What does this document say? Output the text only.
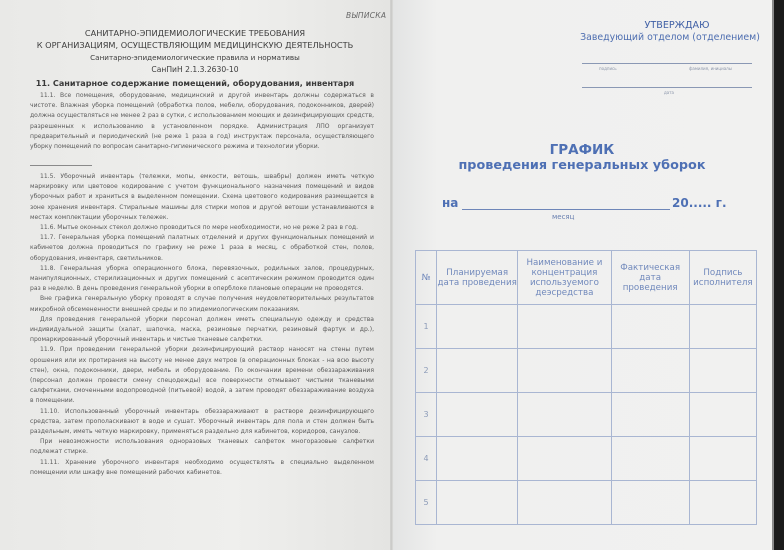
ВЫПИСКА
САНИТАРНО-ЭПИДЕМИОЛОГИЧЕСКИЕ ТРЕБОВАНИЯ
К ОРГАНИЗАЦИЯМ, ОСУЩЕСТВЛЯЮЩИМ МЕДИЦИНСКУЮ ДЕЯТЕЛЬНОСТЬ
Санитарно-эпидемиологические правила и нормативы
СанПиН 2.1.3.2630-10
11. Санитарное содержание помещений, оборудования, инвентаря

11.1. Все помещения, оборудование, медицинский и другой инвентарь должны содержаться в чистоте. Влажная уборка помещений (обработка полов, мебели, оборудования, подоконников, дверей) должна осуществляться не менее 2 раз в сутки, с использованием моющих и дезинфицирующих средств, разрешенных к использованию в установленном порядке. Администрация ЛПО организует предварительный и периодический (не реже 1 раза в год) инструктаж персонала, осуществляющего уборку помещений по вопросам санитарно-гигиенического режима и технологии уборки.

11.5. Уборочный инвентарь (тележки, мопы, емкости, ветошь, швабры) должен иметь четкую маркировку или цветовое кодирование с учетом функционального назначения помещений и видов уборочных работ и храниться в выделенном помещении. Схема цветового кодирования размещается в зоне хранения инвентаря. Стиральные машины для стирки мопов и другой ветоши устанавливаются в местах комплектации уборочных тележек.

11.6. Мытье оконных стекол должно проводиться по мере необходимости, но не реже 2 раз в год.

11.7. Генеральная уборка помещений палатных отделений и других функциональных помещений и кабинетов должна проводиться по графику не реже 1 раза в месяц, с обработкой стен, полов, оборудования, инвентаря, светильников.

11.8. Генеральная уборка операционного блока, перевязочных, родильных залов, процедурных, манипуляционных, стерилизационных и других помещений с асептическим режимом проводится один раз в неделю. В день проведения генеральной уборки в оперблоке плановые операции не проводятся.

Вне графика генеральную уборку проводят в случае получения неудовлетворительных результатов микробной обсемененности внешней среды и по эпидемиологическим показаниям.

Для проведения генеральной уборки персонал должен иметь специальную одежду и средства индивидуальной защиты (халат, шапочка, маска, резиновые перчатки, резиновый фартук и др.), промаркированный уборочный инвентарь и чистые тканевые салфетки.

11.9. При проведении генеральной уборки дезинфицирующий раствор наносят на стены путем орошения или их протирания на высоту не менее двух метров (в операционных блоках - на всю высоту стен), окна, подоконники, двери, мебель и оборудование. По окончании времени обеззараживания (персонал должен провести смену спецодежды) все поверхности отмывают чистыми тканевыми салфетками, смоченными водопроводной (питьевой) водой, а затем проводят обеззараживание воздуха в помещении.

11.10. Использованный уборочный инвентарь обеззараживают в растворе дезинфицирующего средства, затем прополаскивают в воде и сушат. Уборочный инвентарь для пола и стен должен быть раздельным, иметь четкую маркировку, применяться раздельно для кабинетов, коридоров, санузлов.

При невозможности использования одноразовых тканевых салфеток многоразовые салфетки подлежат стирке.

11.11. Хранение уборочного инвентаря необходимо осуществлять в специально выделенном помещении или шкафу вне помещений рабочих кабинетов.

УТВЕРЖДАЮ
Заведующий отделом (отделением)
подпись	фамилия, инициалы
дата
ГРАФИК
проведения генеральных уборок
на	20..... г.
месяц
№	Планируемая дата проведения	Наименование и концентрация используемого деэсредства	Фактическая дата проведения	Подпись исполнителя
1				
2				
3				
4				
5				
